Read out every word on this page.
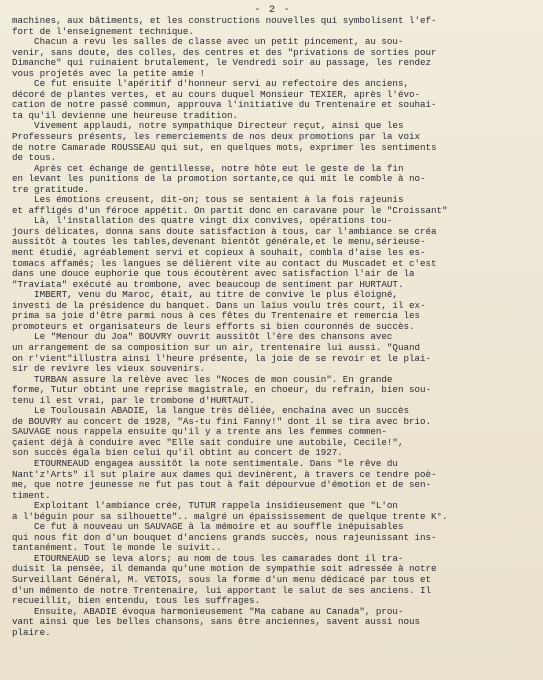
- 2 -
machines, aux bâtiments, et les constructions nouvelles qui symbolisent l'ef-
fort de l'enseignement technique.
Chacun a revu les salles de classe avec un petit pincement, au sou-
venir, sans doute, des colles, des centres et des "privations de sorties pour
Dimanche" qui ruinaient brutalement, le Vendredi soir au passage, les rendez
vous projetés avec la petite amie !
Ce fut ensuite l'apéritif d'honneur servi au refectoire des anciens,
décoré de plantes vertes, et au cours duquel Monsieur TEXIER, après l'évo-
cation de notre passé commun, approuva l'initiative du Trentenaire et souhai-
ta qu'il devienne une heureuse tradition.
Vivement applaudi, notre sympathique Directeur reçut, ainsi que les
Professeurs présents, les remerciements de nos deux promotions par la voix
de notre Camarade ROUSSEAU qui sut, en quelques mots, exprimer les sentiments
de tous.
Après cet échange de gentillesse, notre hôte eut le geste de la fin
en levant les punitions de la promotion sortante,ce qui mit le comble à no-
tre gratitude.
Les émotions creusent, dit-on; tous se sentaient à la fois rajeunis
et affligés d'un féroce appétit. On partit donc en caravane pour le "Croissant"
Là, l'installation des quatre vingt dix convives, opérations tou-
jours délicates, donna sans doute satisfaction à tous, car l'ambiance se créa
aussitôt à toutes les tables,devenant bientôt générale,et le menu,sérieuse-
ment étudié, agréablement servi et copieux à souhait, combla d'aise les es-
tomacs affamés; les langues se délièrent vite au contact du Muscadet et c'est
dans une douce euphorie que tous écoutèrent avec satisfaction l'air de la
"Traviata" exécuté au trombone, avec beaucoup de sentiment par HURTAUT.
IMBERT, venu du Maroc, était, au titre de convive le plus éloigné,
investi de la présidence du banquet. Dans un laïus voulu très court, il ex-
prima sa joie d'être parmi nous à ces fêtes du Trentenaire et remercia les
promoteurs et organisateurs de leurs efforts si bien couronnés de succès.
Le "Menour du Joa" BOUVRY ouvrit aussitôt l'ère des chansons avec
un arrangement de sa composition sur un air, trentenaire lui aussi. "Quand
on r'vient"illustra ainsi l'heure présente, la joie de se revoir et le plai-
sir de revivre les vieux souvenirs.
TURBAN assure la relève avec les "Noces de mon cousin". En grande
forme, Tutur obtint une reprise magistrale, en choeur, du refrain, bien sou-
tenu il est vrai, par le trombone d'HURTAUT.
Le Toulousain ABADIE, la langue très déliée, enchaîna avec un succès
de BOUVRY au concert de 1928, "As-tu fini Fanny!" dont il se tira avec brio.
SAUVAGE nous rappela ensuite qu'il y a trente ans les femmes commen-
çaient déjà à conduire avec "Elle sait conduire une autobile, Cecile!",
son succès égala bien celui qu'il obtint au concert de 1927.
ETOURNEAUD engagea aussitôt la note sentimentale. Dans "le rêve du
Nant'z'Arts" il sut plaire aux dames qui devinèrent, à travers ce tendre poè-
me, que notre jeunesse ne fut pas tout à fait dépourvue d'émotion et de sen-
timent.
Exploitant l'ambiance crée, TUTUR rappela insidieusement que "L'on
a l'béguin pour sa silhouette".. malgré un épaississement de quelque trente K°.
Ce fut à nouveau un SAUVAGE à la mémoire et au souffle inépuisables
qui nous fit don d'un bouquet d'anciens grands succès, nous rajeunissant ins-
tantanément. Tout le monde le suivit..
ETOURNEAUD se leva alors; au nom de tous les camarades dont il tra-
duisit la pensée, il demanda qu'une motion de sympathie soit adressée à notre
Surveillant Général, M. VETOIS, sous la forme d'un menu dédicacé par tous et
d'un mémento de notre Trentenaire, lui apportant le salut de ses anciens. Il
recueillit, bien entendu, tous les suffrages.
Ensuite, ABADIE évoqua harmonieusement "Ma cabane au Canada", prou-
vant ainsi que les belles chansons, sans être anciennes, savent aussi nous
plaire.
